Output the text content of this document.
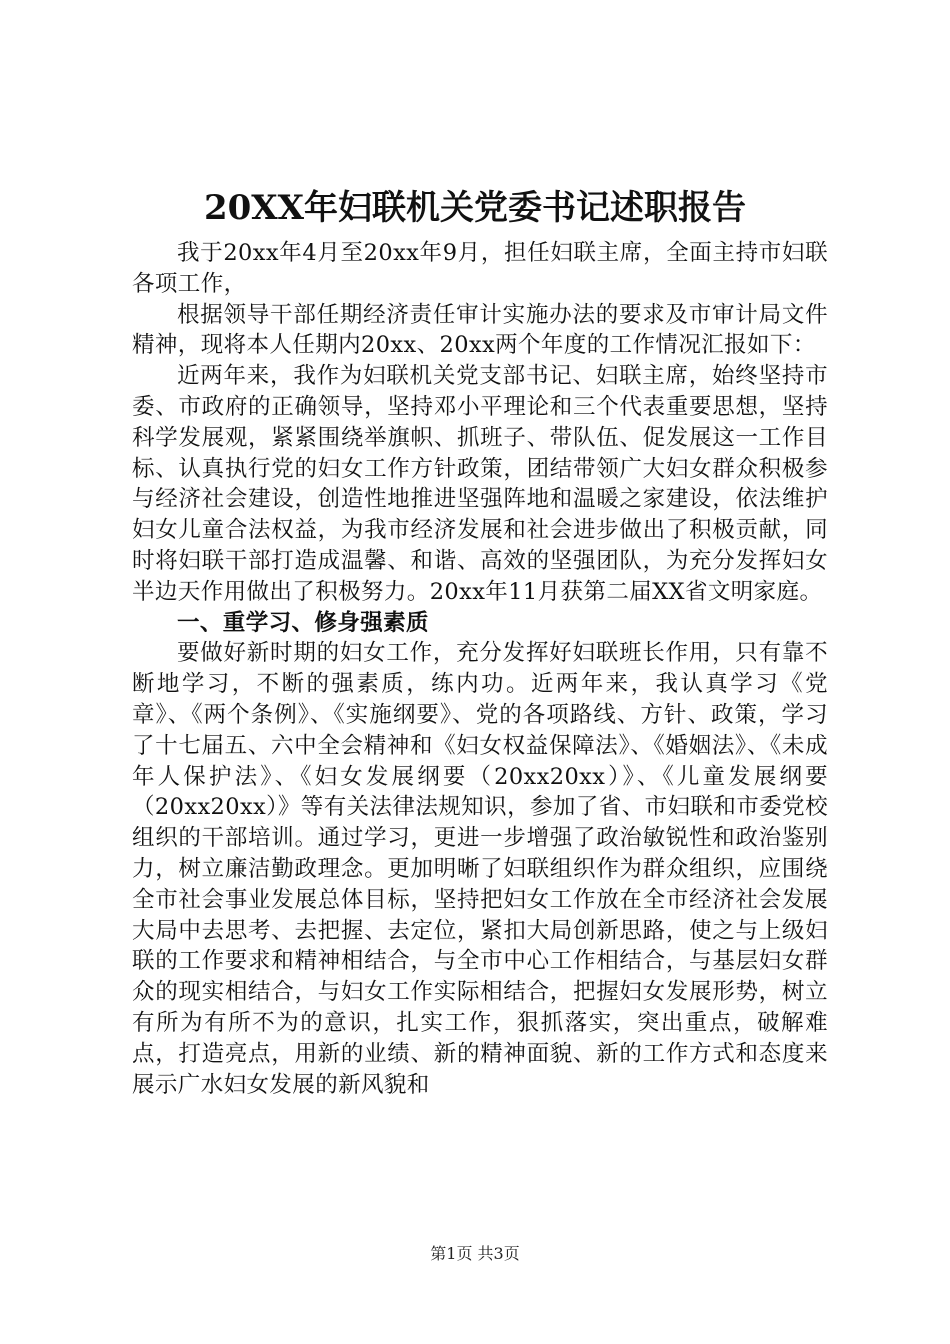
20XX年妇联机关党委书记述职报告

我于20xx年4月至20xx年9月，担任妇联主席，全面主持市妇联各项工作，

根据领导干部任期经济责任审计实施办法的要求及市审计局文件精神，现将本人任期内20xx、20xx两个年度的工作情况汇报如下：

近两年来，我作为妇联机关党支部书记、妇联主席，始终坚持市委、市政府的正确领导，坚持邓小平理论和三个代表重要思想，坚持科学发展观，紧紧围绕举旗帜、抓班子、带队伍、促发展这一工作目标、认真执行党的妇女工作方针政策，团结带领广大妇女群众积极参与经济社会建设，创造性地推进坚强阵地和温暖之家建设，依法维护妇女儿童合法权益，为我市经济发展和社会进步做出了积极贡献，同时将妇联干部打造成温馨、和谐、高效的坚强团队，为充分发挥妇女半边天作用做出了积极努力。20xx年11月获第二届XX省文明家庭。

一、重学习、修身强素质

要做好新时期的妇女工作，充分发挥好妇联班长作用，只有靠不断地学习，不断的强素质，练内功。近两年来，我认真学习《党章》、《两个条例》、《实施纲要》、党的各项路线、方针、政策，学习了十七届五、六中全会精神和《妇女权益保障法》、《婚姻法》、《未成年人保护法》、《妇女发展纲要（20xx20xx）》、《儿童发展纲要（20xx20xx）》等有关法律法规知识，参加了省、市妇联和市委党校组织的干部培训。通过学习，更进一步增强了政治敏锐性和政治鉴别力，树立廉洁勤政理念。更加明晰了妇联组织作为群众组织，应围绕全市社会事业发展总体目标，坚持把妇女工作放在全市经济社会发展大局中去思考、去把握、去定位，紧扣大局创新思路，使之与上级妇联的工作要求和精神相结合，与全市中心工作相结合，与基层妇女群众的现实相结合，与妇女工作实际相结合，把握妇女发展形势，树立有所为有所不为的意识，扎实工作，狠抓落实，突出重点，破解难点，打造亮点，用新的业绩、新的精神面貌、新的工作方式和态度来展示广水妇女发展的新风貌和

第1页 共3页
